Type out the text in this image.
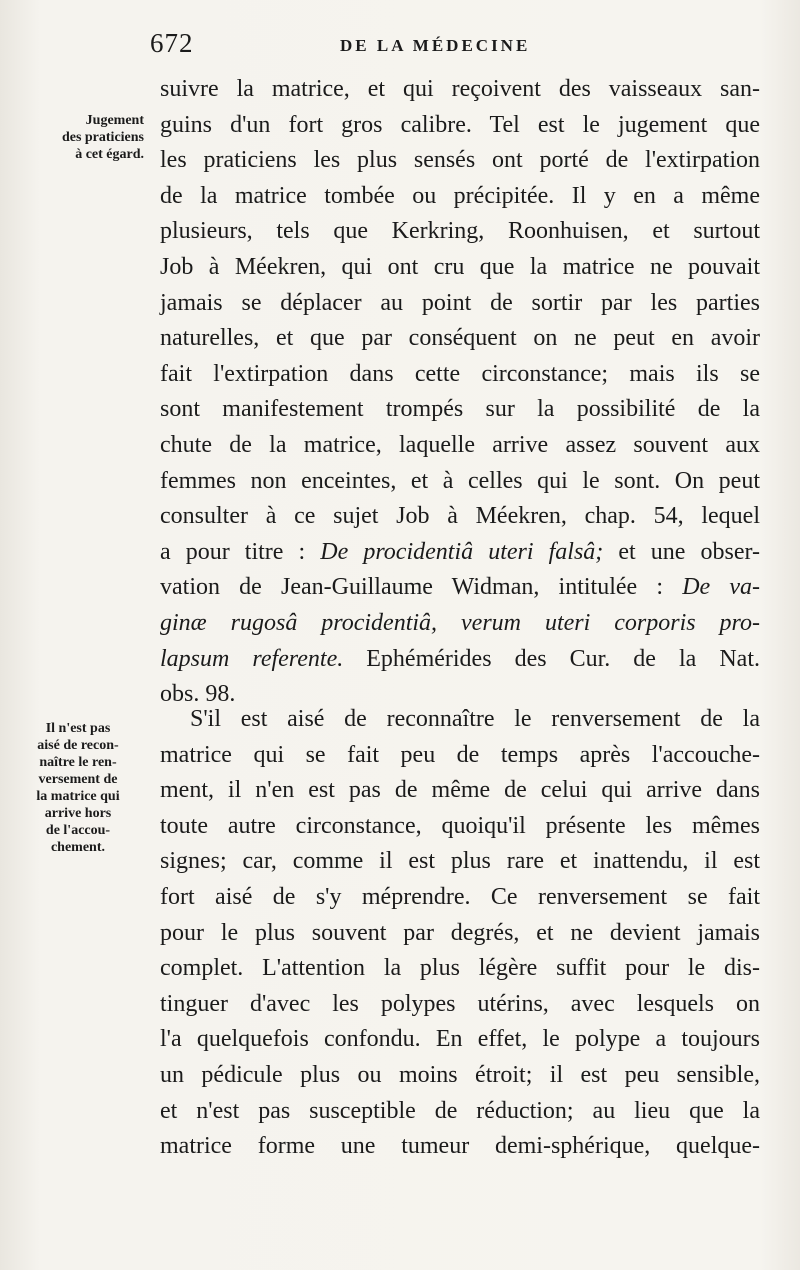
672	DE LA MÉDECINE
Jugement
des praticiens
à cet égard.
Il n'est pas
aisé de recon-
naître le ren-
versement de
la matrice qui
arrive hors
de l'accou-
chement.
suivre la matrice, et qui reçoivent des vaisseaux san-
guins d'un fort gros calibre. Tel est le jugement que
les praticiens les plus sensés ont porté de l'extirpation
de la matrice tombée ou précipitée. Il y en a même
plusieurs, tels que Kerkring, Roonhuisen, et surtout
Job à Méekren, qui ont cru que la matrice ne pouvait
jamais se déplacer au point de sortir par les parties
naturelles, et que par conséquent on ne peut en avoir
fait l'extirpation dans cette circonstance; mais ils se
sont manifestement trompés sur la possibilité de la
chute de la matrice, laquelle arrive assez souvent aux
femmes non enceintes, et à celles qui le sont. On peut
consulter à ce sujet Job à Méekren, chap. 54, lequel
a pour titre : De procidentiâ uteri falsâ; et une obser-
vation de Jean-Guillaume Widman, intitulée : De va-
ginæ rugosâ procidentiâ, verum uteri corporis pro-
lapsum referente. Ephémérides des Cur. de la Nat.
obs. 98.
S'il est aisé de reconnaître le renversement de la
matrice qui se fait peu de temps après l'accouche-
ment, il n'en est pas de même de celui qui arrive dans
toute autre circonstance, quoiqu'il présente les mêmes
signes; car, comme il est plus rare et inattendu, il est
fort aisé de s'y méprendre. Ce renversement se fait
pour le plus souvent par degrés, et ne devient jamais
complet. L'attention la plus légère suffit pour le dis-
tinguer d'avec les polypes utérins, avec lesquels on
l'a quelquefois confondu. En effet, le polype a toujours
un pédicule plus ou moins étroit; il est peu sensible,
et n'est pas susceptible de réduction; au lieu que la
matrice forme une tumeur demi-sphérique, quelque-
